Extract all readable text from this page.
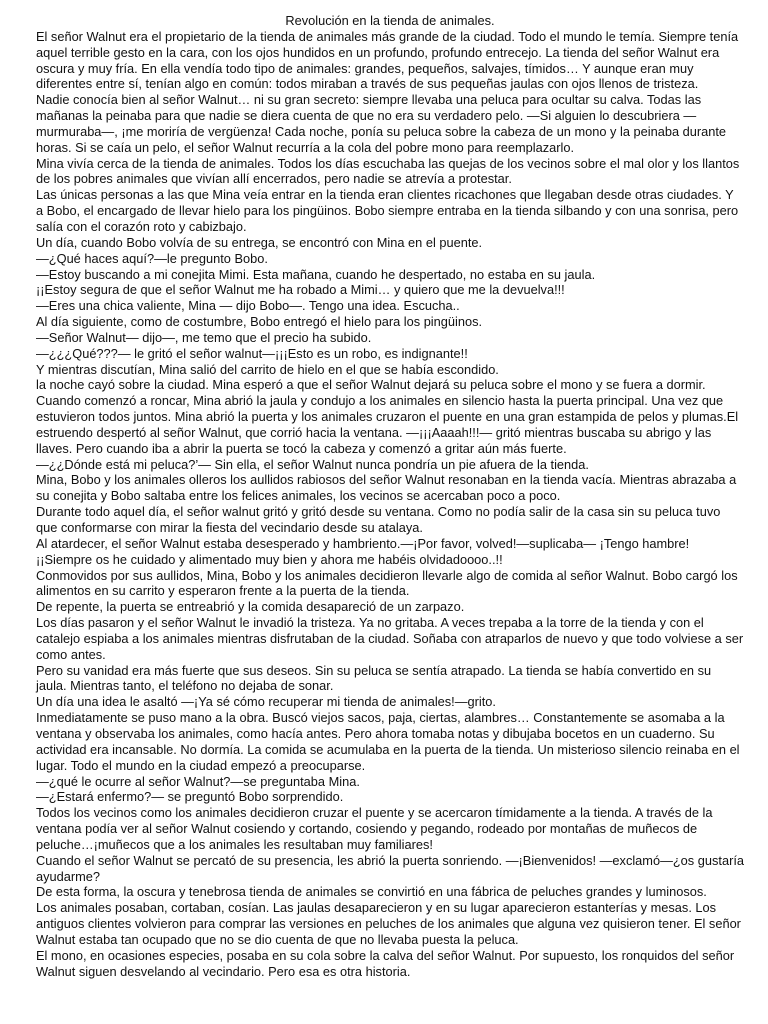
Revolución en la tienda de animales.

El señor Walnut era el propietario de la tienda de animales más grande de la ciudad. Todo el mundo le temía. Siempre tenía aquel terrible gesto en la cara, con los ojos hundidos en un profundo, profundo entrecejo. La tienda del señor Walnut era oscura y muy fría. En ella vendía todo tipo de animales: grandes, pequeños, salvajes, tímidos… Y aunque eran muy diferentes entre sí, tenían algo en común: todos miraban a través de sus pequeñas jaulas con ojos llenos de tristeza.

Nadie conocía bien al señor Walnut… ni su gran secreto: siempre llevaba una peluca para ocultar su calva. Todas las mañanas la peinaba para que nadie se diera cuenta de que no era su verdadero pelo. —Si alguien lo descubriera —murmuraba—, ¡me moriría de vergüenza! Cada noche, ponía su peluca sobre la cabeza de un mono y la peinaba durante horas. Si se caía un pelo, el señor Walnut recurría a la cola del pobre mono para reemplazarlo.

Mina vivía cerca de la tienda de animales. Todos los días escuchaba las quejas de los vecinos sobre el mal olor y los llantos de los pobres animales que vivían allí encerrados, pero nadie se atrevía a protestar.

Las únicas personas a las que Mina veía entrar en la tienda eran clientes ricachones que llegaban desde otras ciudades. Y a Bobo, el encargado de llevar hielo para los pingüinos. Bobo siempre entraba en la tienda silbando y con una sonrisa, pero salía con el corazón roto y cabizbajo.

Un día, cuando Bobo volvía de su entrega, se encontró con Mina en el puente.

—¿Qué haces aquí?—le pregunto Bobo.

—Estoy buscando a mi conejita Mimi. Esta mañana, cuando he despertado, no estaba en su jaula.

¡¡Estoy segura de que el señor Walnut me ha robado a Mimi… y quiero que me la devuelva!!!

—Eres una chica valiente, Mina — dijo Bobo—. Tengo una idea. Escucha..

Al día siguiente, como de costumbre, Bobo entregó el hielo para los pingüinos.

—Señor Walnut— dijo—, me temo que el precio ha subido.

—¿¿¿Qué???— le gritó el señor walnut—¡¡¡Esto es un robo, es indignante!!

Y mientras discutían, Mina salió del carrito de hielo en el que se había escondido.

la noche cayó sobre la ciudad. Mina esperó a que el señor Walnut dejará su peluca sobre el mono y se fuera a dormir. Cuando comenzó a roncar, Mina abrió la jaula y condujo a los animales en silencio hasta la puerta principal. Una vez que estuvieron todos juntos. Mina abrió la puerta y los animales cruzaron el puente en una gran estampida de pelos y plumas.El estruendo despertó al señor Walnut, que corrió hacia la ventana. —¡¡¡Aaaah!!!— gritó mientras buscaba su abrigo y las llaves. Pero cuando iba a abrir la puerta se tocó la cabeza y comenzó a gritar aún más fuerte.

—¿¿Dónde está mi peluca?’— Sin ella, el señor Walnut nunca pondría un pie afuera de la tienda.

Mina, Bobo y los animales olleros los aullidos rabiosos del señor Walnut resonaban en la tienda vacía. Mientras abrazaba a su conejita y Bobo saltaba entre los felices animales, los vecinos se acercaban poco a poco.

Durante todo aquel día, el señor walnut gritó y gritó desde su ventana. Como no podía salir de la casa sin su peluca tuvo que conformarse con mirar la fiesta del vecindario desde su atalaya.

Al atardecer, el señor Walnut estaba desesperado y hambriento.—¡Por favor, volved!—suplicaba— ¡Tengo hambre! ¡¡Siempre os he cuidado y alimentado muy bien y ahora me habéis olvidadoooo..!!

Conmovidos por sus aullidos, Mina, Bobo y los animales decidieron llevarle algo de comida al señor Walnut. Bobo cargó los alimentos en su carrito y esperaron frente a la puerta de la tienda.

De repente, la puerta se entreabrió y la comida desapareció de un zarpazo.

Los días pasaron y el señor Walnut le invadió la tristeza. Ya no gritaba. A veces trepaba a la torre de la tienda y con el catalejo espiaba a los animales mientras disfrutaban de la ciudad. Soñaba con atraparlos de nuevo y que todo volviese a ser como antes.

Pero su vanidad era más fuerte que sus deseos. Sin su peluca se sentía atrapado. La tienda se había convertido en su jaula. Mientras tanto, el teléfono no dejaba de sonar.

Un día una idea le asaltó —¡Ya sé cómo recuperar mi tienda de animales!—grito.

Inmediatamente se puso mano a la obra. Buscó viejos sacos, paja, ciertas, alambres… Constantemente se asomaba a la ventana y observaba los animales, como hacía antes. Pero ahora tomaba notas y dibujaba bocetos en un cuaderno. Su actividad era incansable. No dormía. La comida se acumulaba en la puerta de la tienda. Un misterioso silencio reinaba en el lugar. Todo el mundo en la ciudad empezó a preocuparse.

—¿qué le ocurre al señor Walnut?—se preguntaba Mina.

—¿Estará enfermo?— se preguntó Bobo sorprendido.

Todos los vecinos como los animales decidieron cruzar el puente y se acercaron tímidamente a la tienda. A través de la ventana podía ver al señor Walnut cosiendo y cortando, cosiendo y pegando, rodeado por montañas de muñecos de peluche…¡muñecos que a los animales les resultaban muy familiares!

Cuando el señor Walnut se percató de su presencia, les abrió la puerta sonriendo. —¡Bienvenidos! —exclamó—¿os gustaría ayudarme?

De esta forma, la oscura y tenebrosa tienda de animales se convirtió en una fábrica de peluches grandes y luminosos.

Los animales posaban, cortaban, cosían. Las jaulas desaparecieron y en su lugar aparecieron estanterías y mesas. Los antiguos clientes volvieron para comprar las versiones en peluches de los animales que alguna vez quisieron tener. El señor Walnut estaba tan ocupado que no se dio cuenta de que no llevaba puesta la peluca.

El mono, en ocasiones especies, posaba en su cola sobre la calva del señor Walnut. Por supuesto, los ronquidos del señor Walnut siguen desvelando al vecindario. Pero esa es otra historia.
